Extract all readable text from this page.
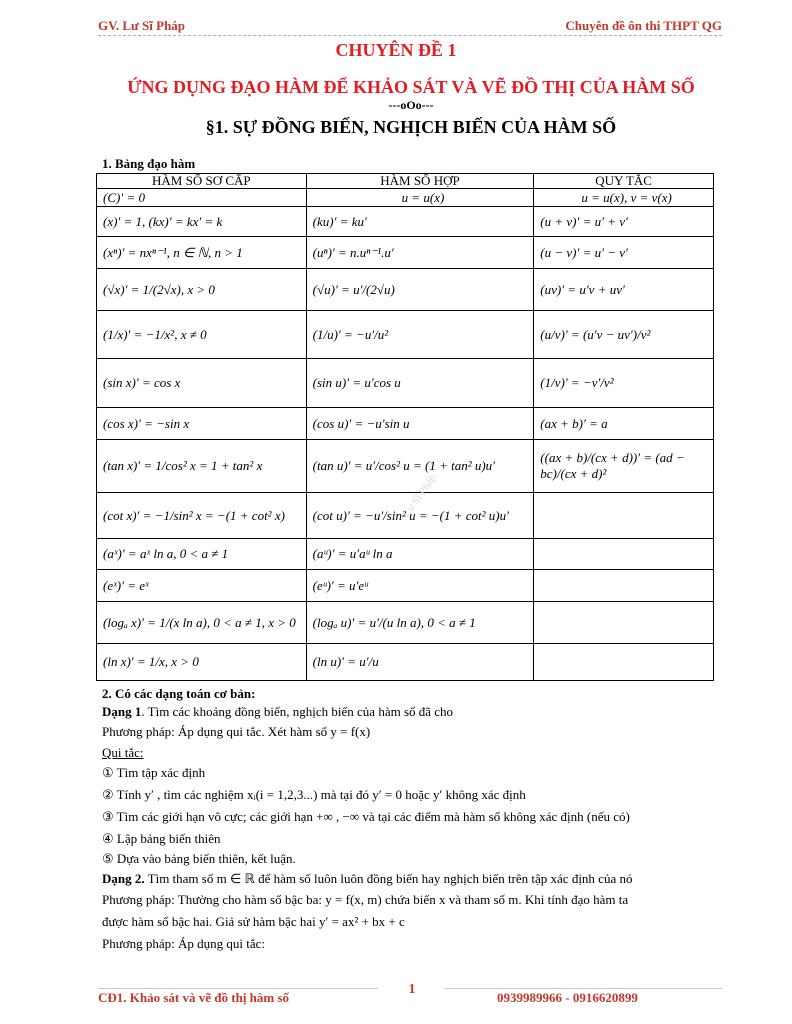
GV. Lư Sĩ Pháp	Chuyên đề ôn thi THPT QG
CHUYÊN ĐỀ 1
ỨNG DỤNG ĐẠO HÀM ĐỂ KHẢO SÁT VÀ VẼ ĐỒ THỊ CỦA HÀM SỐ
---oOo---
§1. SỰ ĐỒNG BIẾN, NGHỊCH BIẾN CỦA HÀM SỐ
1. Bảng đạo hàm
HÀM SỐ SƠ CẤP	HÀM SỐ HỢP	QUY TẮC
(C)′ = 0	u = u(x)	u = u(x), v = v(x)
(x)′ = 1, (kx)′ = kx′ = k	(ku)′ = ku′	(u + v)′ = u′ + v′
(xⁿ)′ = nxⁿ⁻¹, n ∈ ℕ, n > 1	(uⁿ)′ = n.uⁿ⁻¹.u′	(u − v)′ = u′ − v′
(√x)′ = 1/(2√x), x > 0	(√u)′ = u′/(2√u)	(uv)′ = u′v + uv′
(1/x)′ = −1/x², x ≠ 0	(1/u)′ = −u′/u²	(u/v)′ = (u′v − uv′)/v²
(sin x)′ = cos x	(sin u)′ = u′cos u	(1/v)′ = −v′/v²
(cos x)′ = −sin x	(cos u)′ = −u′sin u	(ax + b)′ = a
(tan x)′ = 1/cos² x = 1 + tan² x	(tan u)′ = u′/cos² u = (1 + tan² u)u′	((ax + b)/(cx + d))′ = (ad − bc)/(cx + d)²
(cot x)′ = −1/sin² x = −(1 + cot² x)	(cot u)′ = −u′/sin² u = −(1 + cot² u)u′	
(aˣ)′ = aˣ ln a, 0 < a ≠ 1	(aᵘ)′ = u′aᵘ ln a	
(eˣ)′ = eˣ	(eᵘ)′ = u′eᵘ	
(logₐ x)′ = 1/(x ln a), 0 < a ≠ 1, x > 0	(logₐ u)′ = u′/(u ln a), 0 < a ≠ 1	
(ln x)′ = 1/x, x > 0	(ln u)′ = u′/u	
Lư Sĩ Pháp
2. Có các dạng toán cơ bản:
Dạng 1. Tìm các khoảng đồng biến, nghịch biến của hàm số đã cho
Phương pháp: Áp dụng qui tắc. Xét hàm số y = f(x)
Qui tắc:
① Tìm tập xác định
② Tính y′ , tìm các nghiệm xᵢ(i = 1,2,3...) mà tại đó y′ = 0 hoặc y′ không xác định
③ Tìm các giới hạn vô cực; các giới hạn +∞ , −∞ và tại các điểm mà hàm số không xác định (nếu có)
④ Lập bảng biến thiên
⑤ Dựa vào bảng biến thiên, kết luận.
Dạng 2. Tìm tham số m ∈ ℝ để hàm số luôn luôn đồng biến hay nghịch biến trên tập xác định của nó
Phương pháp: Thường cho hàm số bậc ba: y = f(x, m) chứa biến x và tham số m. Khi tính đạo hàm ta
được hàm số bậc hai. Giả sử hàm bậc hai y′ = ax² + bx + c
Phương pháp: Áp dụng qui tắc:
1
CĐ1. Khảo sát và vẽ đồ thị hàm số	0939989966 - 0916620899
